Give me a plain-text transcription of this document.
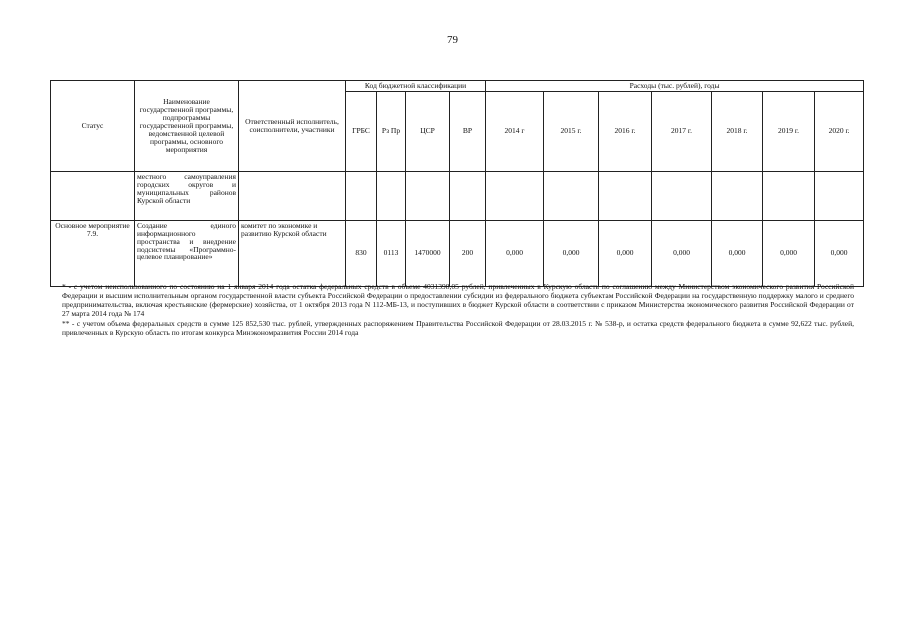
79
Статус	Наименование государственной программы, подпрограммы государственной программы, ведомственной целевой программы, основного мероприятия	Ответственный исполнитель, соисполнители, участники	Код бюджетной классификации				Расходы (тыс. рублей), годы						
			ГРБС	Рз Пр	ЦСР	ВР	2014 г	2015 г.	2016 г.	2017 г.	2018 г.	2019 г.	2020 г.
	местного самоуправления городских округов и муниципальных районов Курской области												
Основное мероприятие 7.9.	Создание единого информационного пространства и внедрение подсистемы «Программно-целевое планирование»	комитет по экономике и развитию Курской области	830	0113	1470000	200	0,000	0,000	0,000	0,000	0,000	0,000	0,000

* - с учетом неиспользованного по состоянию на 1 января 2014 года остатка федеральных средств в объеме 4031398,05 рублей, привлеченных в Курскую область по соглашению между Министерством экономического развития Российской Федерации и высшим исполнительным органом государственной власти субъекта Российской Федерации о предоставлении субсидии из федерального бюджета субъектам Российской Федерации на государственную поддержку малого и среднего предпринимательства, включая крестьянские (фермерские) хозяйства, от 1 октября 2013 года N 112-МБ-13, и поступивших в бюджет Курской области в соответствии с приказом Министерства экономического развития Российской Федерации от 27 марта 2014 года № 174

** - с учетом объема федеральных средств в сумме 125 852,530 тыс. рублей, утвержденных распоряжением Правительства Российской Федерации от 28.03.2015 г. № 538-р, и остатка средств федерального бюджета в сумме 92,622 тыс. рублей, привлеченных в Курскую область по итогам конкурса Минэкономразвития России 2014 года
